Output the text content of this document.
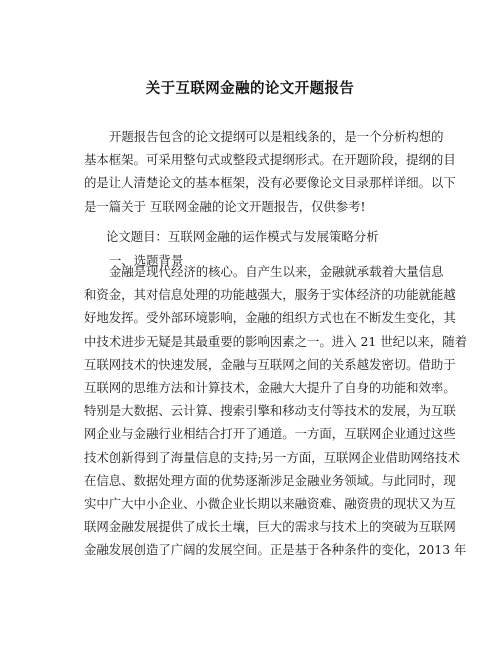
关于互联网金融的论文开题报告
开题报告包含的论文提纲可以是粗线条的，是一个分析构想的
基本框架。可采用整句式或整段式提纲形式。在开题阶段，提纲的目
的是让人清楚论文的基本框架，没有必要像论文目录那样详细。以下
是一篇关于 互联网金融的论文开题报告，仅供参考!
论文题目：互联网金融的运作模式与发展策略分析
一、选题背景
金融是现代经济的核心。自产生以来，金融就承载着大量信息
和资金，其对信息处理的功能越强大，服务于实体经济的功能就能越
好地发挥。受外部环境影响，金融的组织方式也在不断发生变化，其
中技术进步无疑是其最重要的影响因素之一。进入 21 世纪以来，随着
互联网技术的快速发展，金融与互联网之间的关系越发密切。借助于
互联网的思维方法和计算技术，金融大大提升了自身的功能和效率。
特别是大数据、云计算、搜索引擎和移动支付等技术的发展，为互联
网企业与金融行业相结合打开了通道。一方面，互联网企业通过这些
技术创新得到了海量信息的支持;另一方面，互联网企业借助网络技术
在信息、数据处理方面的优势逐渐涉足金融业务领域。与此同时，现
实中广大中小企业、小微企业长期以来融资难、融资贵的现状又为互
联网金融发展提供了成长土壤，巨大的需求与技术上的突破为互联网
金融发展创造了广阔的发展空间。正是基于各种条件的变化，2013 年
